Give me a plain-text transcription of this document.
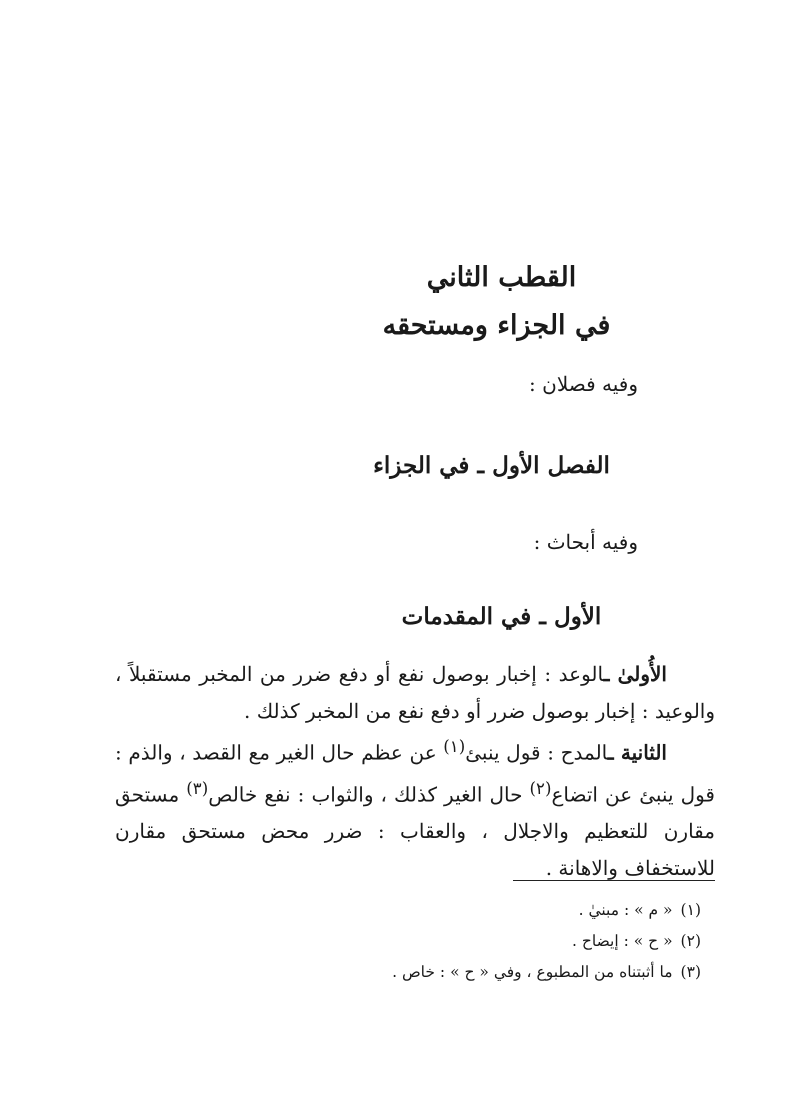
القطب الثاني
في الجزاء ومستحقه
وفيه فصلان :
الفصل الأول ـ في الجزاء
وفيه أبحاث :
الأول ـ في المقدمات

الأُولىٰ ـالوعد : إخبار بوصول نفع أو دفع ضرر من المخبر مستقبلاً ، والوعيد : إخبار بوصول ضرر أو دفع نفع من المخبر كذلك .

الثانية ـالمدح : قول ينبئ$^{(١)}$ عن عظم حال الغير مع القصد ، والذم : قول ينبئ عن اتضاع$^{(٢)}$ حال الغير كذلك ، والثواب : نفع خالص$^{(٣)}$ مستحق مقارن للتعظيم والاجلال ، والعقاب : ضرر محض مستحق مقارن للاستخفاف والاهانة .

(١)« م » : مبنيٰ .
(٢)« ح » : إيضاح .
(٣)ما أثبتناه من المطبوع ، وفي « ح » : خاص .
